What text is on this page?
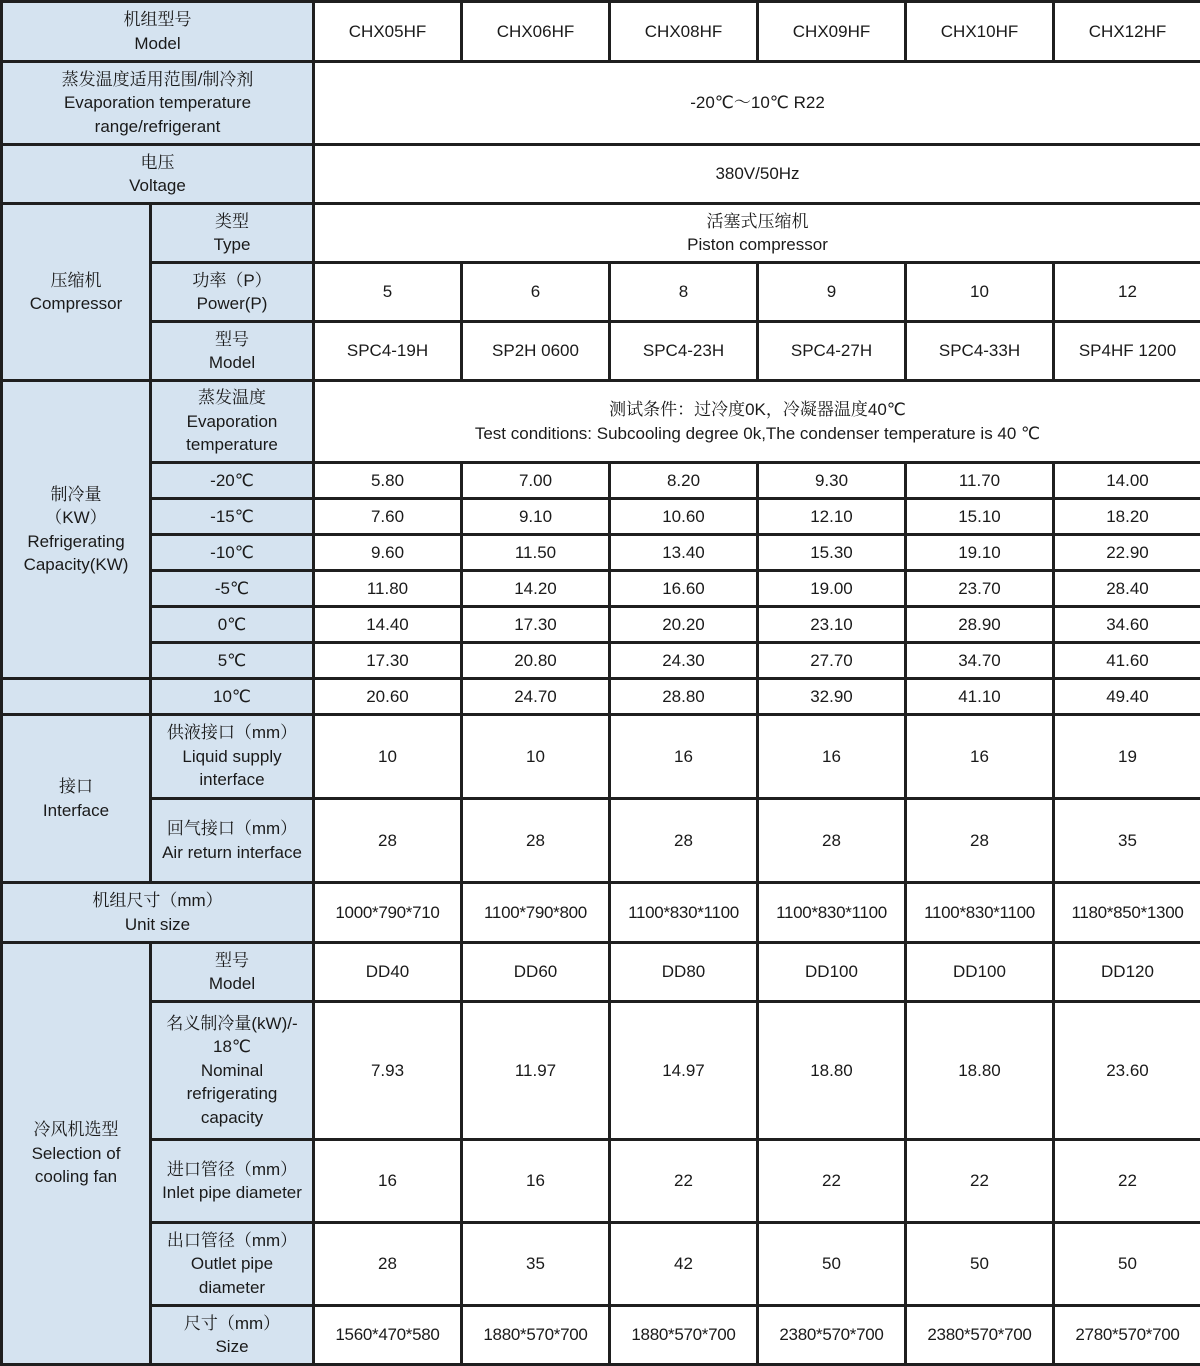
机组型号
Model		CHX05HF	CHX06HF	CHX08HF	CHX09HF	CHX10HF	CHX12HF
蒸发温度适用范围/制冷剂
Evaporation temperature
range/refrigerant		-20℃～10℃ R22					
电压
Voltage		380V/50Hz					
压缩机
Compressor	类型
Type	活塞式压缩机
Piston compressor					
	功率（P）
Power(P)	5	6	8	9	10	12
	型号
Model	SPC4-19H	SP2H 0600	SPC4-23H	SPC4-27H	SPC4-33H	SP4HF 1200
制冷量
（KW）
Refrigerating
Capacity(KW)	蒸发温度
Evaporation
temperature	测试条件：过冷度0K，冷凝器温度40℃
Test conditions: Subcooling degree 0k,The condenser temperature is 40 ℃					
	-20℃	5.80	7.00	8.20	9.30	11.70	14.00
	-15℃	7.60	9.10	10.60	12.10	15.10	18.20
	-10℃	9.60	11.50	13.40	15.30	19.10	22.90
	-5℃	11.80	14.20	16.60	19.00	23.70	28.40
	0℃	14.40	17.30	20.20	23.10	28.90	34.60
	5℃	17.30	20.80	24.30	27.70	34.70	41.60
	10℃	20.60	24.70	28.80	32.90	41.10	49.40
接口
Interface	供液接口（mm）
Liquid supply
interface	10	10	16	16	16	19
	回气接口（mm）
Air return interface	28	28	28	28	28	35
机组尺寸（mm）
Unit size		1000*790*710	1100*790*800	1100*830*1100	1100*830*1100	1100*830*1100	1180*850*1300
冷风机选型
Selection of
cooling fan	型号
Model	DD40	DD60	DD80	DD100	DD100	DD120
	名义制冷量(kW)/-
18℃
Nominal
refrigerating
capacity	7.93	11.97	14.97	18.80	18.80	23.60
	进口管径（mm）
Inlet pipe diameter	16	16	22	22	22	22
	出口管径（mm）
Outlet pipe
diameter	28	35	42	50	50	50
	尺寸（mm）
Size	1560*470*580	1880*570*700	1880*570*700	2380*570*700	2380*570*700	2780*570*700
